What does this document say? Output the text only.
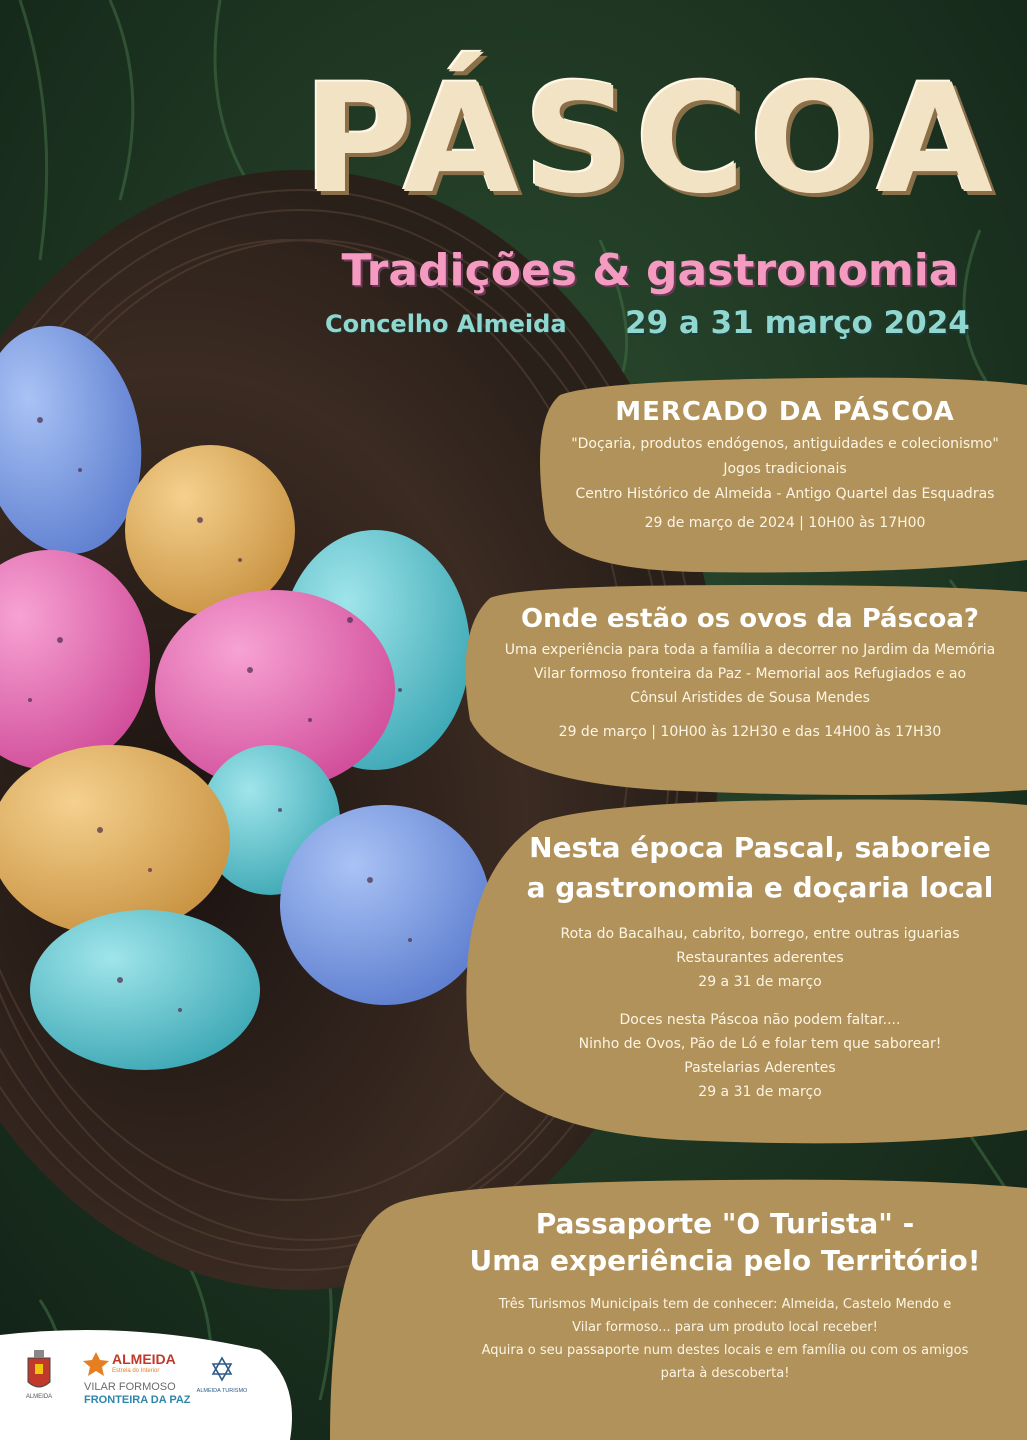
PÁSCOA
Tradições & gastronomia
Concelho Almeida 29 a 31 março 2024
MERCADO DA PÁSCOA

"Doçaria, produtos endógenos, antiguidades e colecionismo"

Jogos tradicionais

Centro Histórico de Almeida - Antigo Quartel das Esquadras

29 de março de 2024 | 10H00 às 17H00

Onde estão os ovos da Páscoa?

Uma experiência para toda a família a decorrer no Jardim da Memória

Vilar formoso fronteira da Paz - Memorial aos Refugiados e ao

Cônsul Aristides de Sousa Mendes

29 de março | 10H00 às 12H30 e das 14H00 às 17H30

Nesta época Pascal, saboreie
a gastronomia e doçaria local

Rota do Bacalhau, cabrito, borrego, entre outras iguarias

Restaurantes aderentes

29 a 31 de março

Doces nesta Páscoa não podem faltar....

Ninho de Ovos, Pão de Ló e folar tem que saborear!

Pastelarias Aderentes

29 a 31 de março

Passaporte "O Turista" -
Uma experiência pelo Território!

Três Turismos Municipais tem de conhecer: Almeida, Castelo Mendo e

Vilar formoso... para um produto local receber!

Aquira o seu passaporte num destes locais e em família ou com os amigos

parta à descoberta!

ALMEIDA
ALMEIDA
Estrela do Interior
VILAR FORMOSO
FRONTEIRA DA PAZ
ALMEIDA TURISMO
